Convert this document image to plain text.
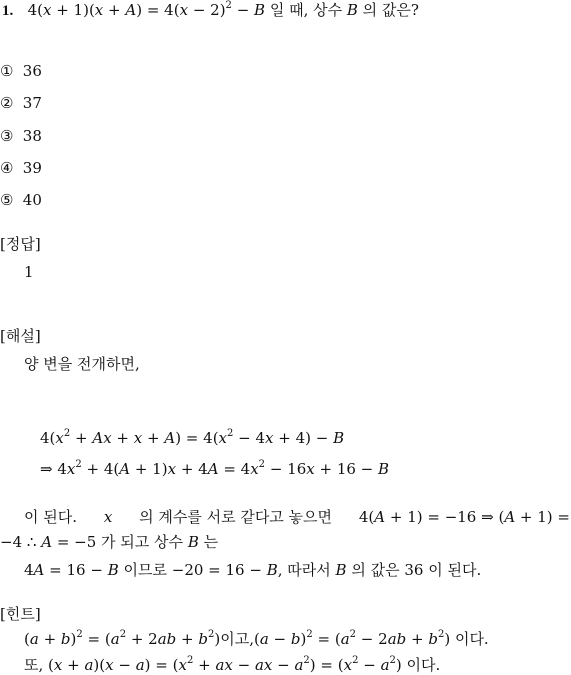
1. $4(x + 1)(x + A) = 4(x - 2)^2 - B$ 일 때, 상수 B 의 값은?
① 36
② 37
③ 38
④ 39
⑤ 40
[정답]
1
[해설]
양 변을 전개하면,
$4(x^2 + Ax + x + A) = 4(x^2 - 4x + 4) - B$
⇒ $4x^2 + 4(A + 1)x + 4A = 4x^2 - 16x + 16 - B$
이 된다. x 의 계수를 서로 같다고 놓으면 4(A + 1) = −16 ⇒ (A + 1) =
−4 ∴ A = −5 가 되고 상수 B 는
4A = 16 − B 이므로 −20 = 16 − B, 따라서 B 의 값은 36 이 된다.
[힌트]
$(a + b)^2 = (a^2 + 2ab + b^2)$이고$,(a - b)^2 = (a^2 - 2ab + b^2)$ 이다.
또, $(x + a)(x - a) = (x^2$ + ax − ax − $a^2) = (x^2 - a^2)$ 이다.
